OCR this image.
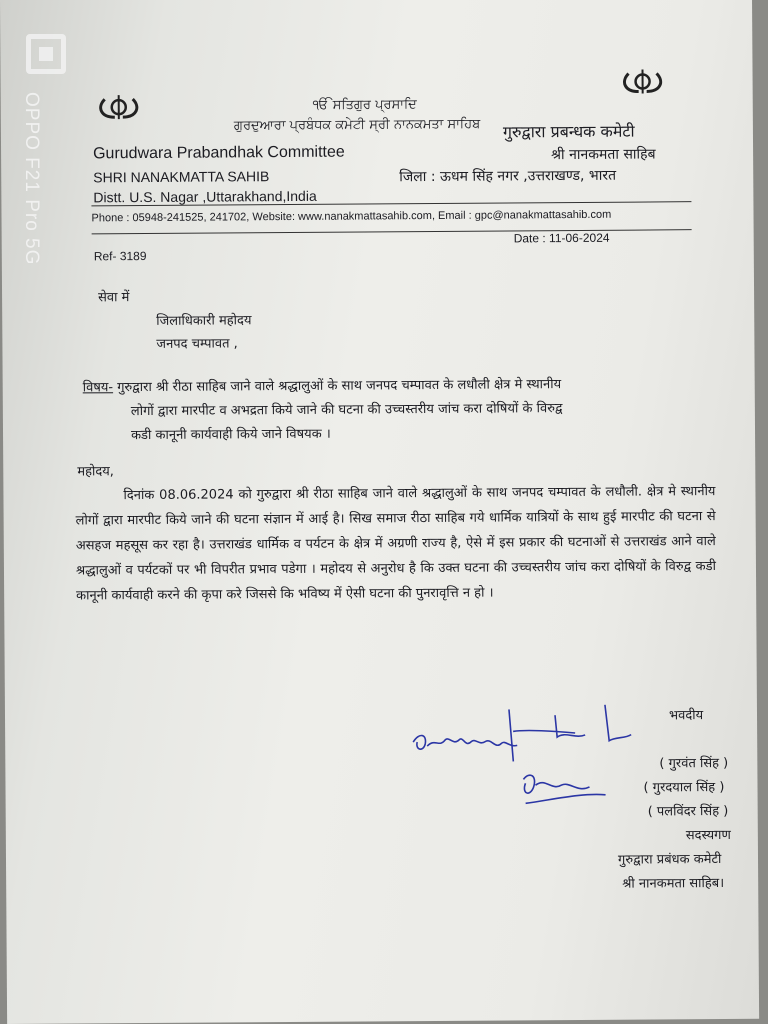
ੴ ਸਤਿਗੁਰ ਪ੍ਰਸਾਦਿ
ਗੁਰਦੁਆਰਾ ਪ੍ਰਬੰਧਕ ਕਮੇਟੀ ਸ੍ਰੀ ਨਾਨਕਮਤਾ ਸਾਹਿਬ
Gurudwara Prabandhak Committee
SHRI NANAKMATTA SAHIB
Distt. U.S. Nagar ,Uttarakhand,India
गुरुद्वारा प्रबन्धक कमेटी
श्री नानकमता साहिब
जिला : ऊधम सिंह नगर ,उत्तराखण्ड, भारत
Phone : 05948-241525, 241702, Website: www.nanakmattasahib.com, Email : gpc@nanakmattasahib.com
Ref- 3189
Date : 11-06-2024
सेवा में
जिलाधिकारी महोदय
जनपद चम्पावत ,
विषय- गुरुद्वारा श्री रीठा साहिब जाने वाले श्रद्धालुओं के साथ जनपद चम्पावत के लधौली क्षेत्र मे स्थानीय
लोगों द्वारा मारपीट व अभद्रता किये जाने की घटना की उच्चस्तरीय जांच करा दोषियों के विरुद्व
कडी कानूनी कार्यवाही किये जाने विषयक ।
महोदय,

दिनांक 08.06.2024 को गुरुद्वारा श्री रीठा साहिब जाने वाले श्रद्धालुओं के साथ जनपद चम्पावत के लधौली. क्षेत्र मे स्थानीय लोगों द्वारा मारपीट किये जाने की घटना संज्ञान में आई है। सिख समाज रीठा साहिब गये धार्मिक यात्रियों के साथ हुई मारपीट की घटना से असहज महसूस कर रहा है। उत्तराखंड धार्मिक व पर्यटन के क्षेत्र में अग्रणी राज्य है, ऐसे में इस प्रकार की घटनाओं से उत्तराखंड आने वाले श्रद्धालुओं व पर्यटकों पर भी विपरीत प्रभाव पडेगा । महोदय से अनुरोध है कि उक्त घटना की उच्चस्तरीय जांच करा दोषियों के विरुद्व कडी कानूनी कार्यवाही करने की कृपा करे जिससे कि भविष्य में ऐसी घटना की पुनरावृत्ति न हो ।

भवदीय
( गुरवंत सिंह )
( गुरदयाल सिंह )
( पलविंदर सिंह )
सदस्यगण
गुरुद्वारा प्रबंधक कमेटी
श्री नानकमता साहिब।
OPPO F21 Pro 5G
